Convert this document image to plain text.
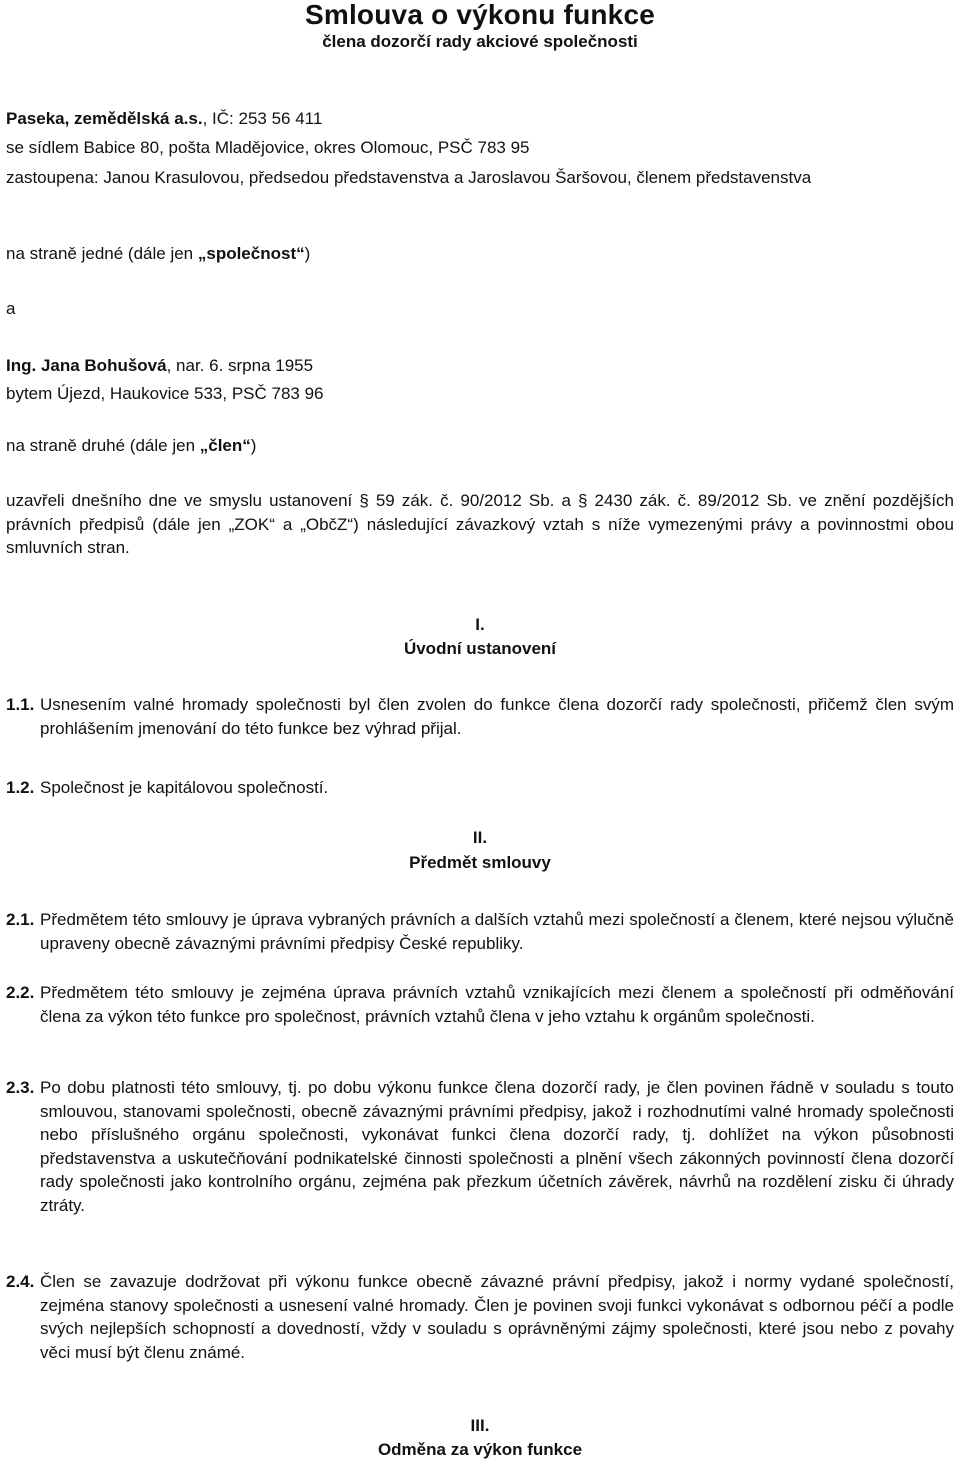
Smlouva o výkonu funkce
člena dozorčí rady akciové společnosti
Paseka, zemědělská a.s., IČ: 253 56 411
se sídlem Babice 80, pošta Mladějovice, okres Olomouc, PSČ 783 95
zastoupena: Janou Krasulovou, předsedou představenstva a Jaroslavou Šaršovou, členem představenstva
na straně jedné (dále jen „společnost“)
a
Ing. Jana Bohušová, nar. 6. srpna 1955
bytem Újezd, Haukovice 533, PSČ 783 96
na straně druhé (dále jen „člen“)
uzavřeli dnešního dne ve smyslu ustanovení § 59 zák. č. 90/2012 Sb. a § 2430 zák. č. 89/2012 Sb. ve znění pozdějších právních předpisů (dále jen „ZOK“ a „ObčZ“) následující závazkový vztah s níže vymezenými právy a povinnostmi obou smluvních stran.
I.
Úvodní ustanovení
1.1. Usnesením valné hromady společnosti byl člen zvolen do funkce člena dozorčí rady společnosti, přičemž člen svým prohlášením jmenování do této funkce bez výhrad přijal.
1.2. Společnost je kapitálovou společností.
II.
Předmět smlouvy
2.1. Předmětem této smlouvy je úprava vybraných právních a dalších vztahů mezi společností a členem, které nejsou výlučně upraveny obecně závaznými právními předpisy České republiky.
2.2. Předmětem této smlouvy je zejména úprava právních vztahů vznikajících mezi členem a společností při odměňování člena za výkon této funkce pro společnost, právních vztahů člena v jeho vztahu k orgánům společnosti.
2.3. Po dobu platnosti této smlouvy, tj. po dobu výkonu funkce člena dozorčí rady, je člen povinen řádně v souladu s touto smlouvou, stanovami společnosti, obecně závaznými právními předpisy, jakož i rozhodnutími valné hromady společnosti nebo příslušného orgánu společnosti, vykonávat funkci člena dozorčí rady, tj. dohlížet na výkon působnosti představenstva a uskutečňování podnikatelské činnosti společnosti a plnění všech zákonných povinností člena dozorčí rady společnosti jako kontrolního orgánu, zejména pak přezkum účetních závěrek, návrhů na rozdělení zisku či úhrady ztráty.
2.4. Člen se zavazuje dodržovat při výkonu funkce obecně závazné právní předpisy, jakož i normy vydané společností, zejména stanovy společnosti a usnesení valné hromady. Člen je povinen svoji funkci vykonávat s odbornou péčí a podle svých nejlepších schopností a dovedností, vždy v souladu s oprávněnými zájmy společnosti, které jsou nebo z povahy věci musí být členu známé.
III.
Odměna za výkon funkce
